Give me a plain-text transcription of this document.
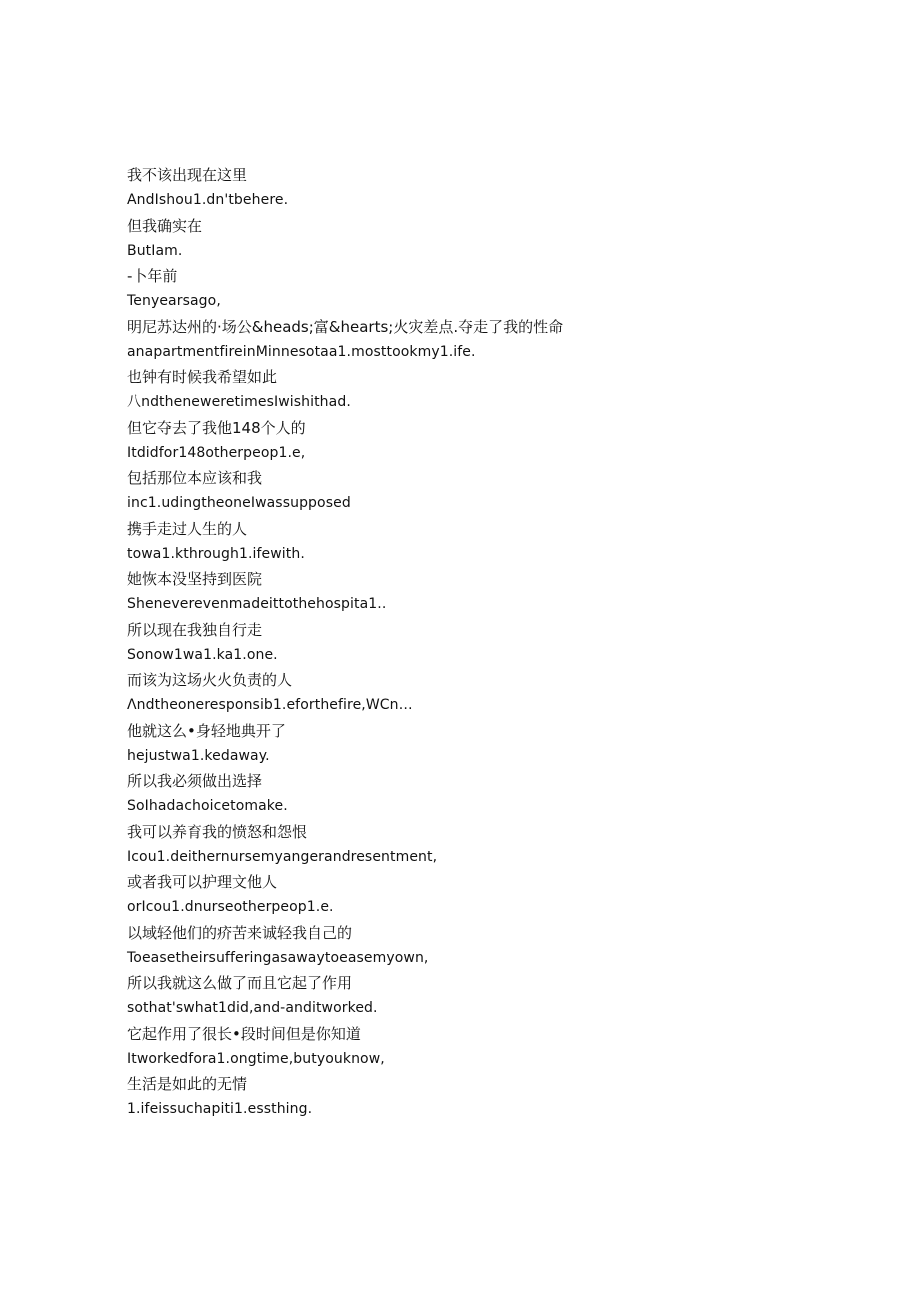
我不该出现在这里
AndIshou1.dn'tbehere.
但我确实在
ButIam.
-卜年前
Tenyearsago,
明尼苏达州的·场公&heads;富&hearts;火灾差点.夺走了我的性命
anapartmentfireinMinnesotaa1.mosttookmy1.ife.
也钟有时候我希望如此
八ndtheneweretimesIwishithad.
但它夺去了我他148个人的
Itdidfor148otherpeop1.e,
包括那位本应该和我
inc1.udingtheoneIwassupposed
携手走过人生的人
towa1.kthrough1.ifewith.
她恢本没坚持到医院
Sheneverevenmadeittothehospita1..
所以现在我独自行走
Sonow1wa1.ka1.one.
而该为这场火火负责的人
Λndtheoneresponsib1.eforthefire,WCn…
他就这么•身轻地典开了
hejustwa1.kedaway.
所以我必须做出选择
SoIhadachoicetomake.
我可以养育我的愤怒和怨恨
Icou1.deithernursemyangerandresentment,
或者我可以护理文他人
orIcou1.dnurseotherpeop1.e.
以域轻他们的疥苦来诚轻我自己的
Toeasetheirsufferingasawaytoeasemyown,
所以我就这么做了而且它起了作用
sothat'swhat1did,and-anditworked.
它起作用了很长•段时间但是你知道
Itworkedfora1.ongtime,butyouknow,
生活是如此的无情
1.ifeissuchapiti1.essthing.
